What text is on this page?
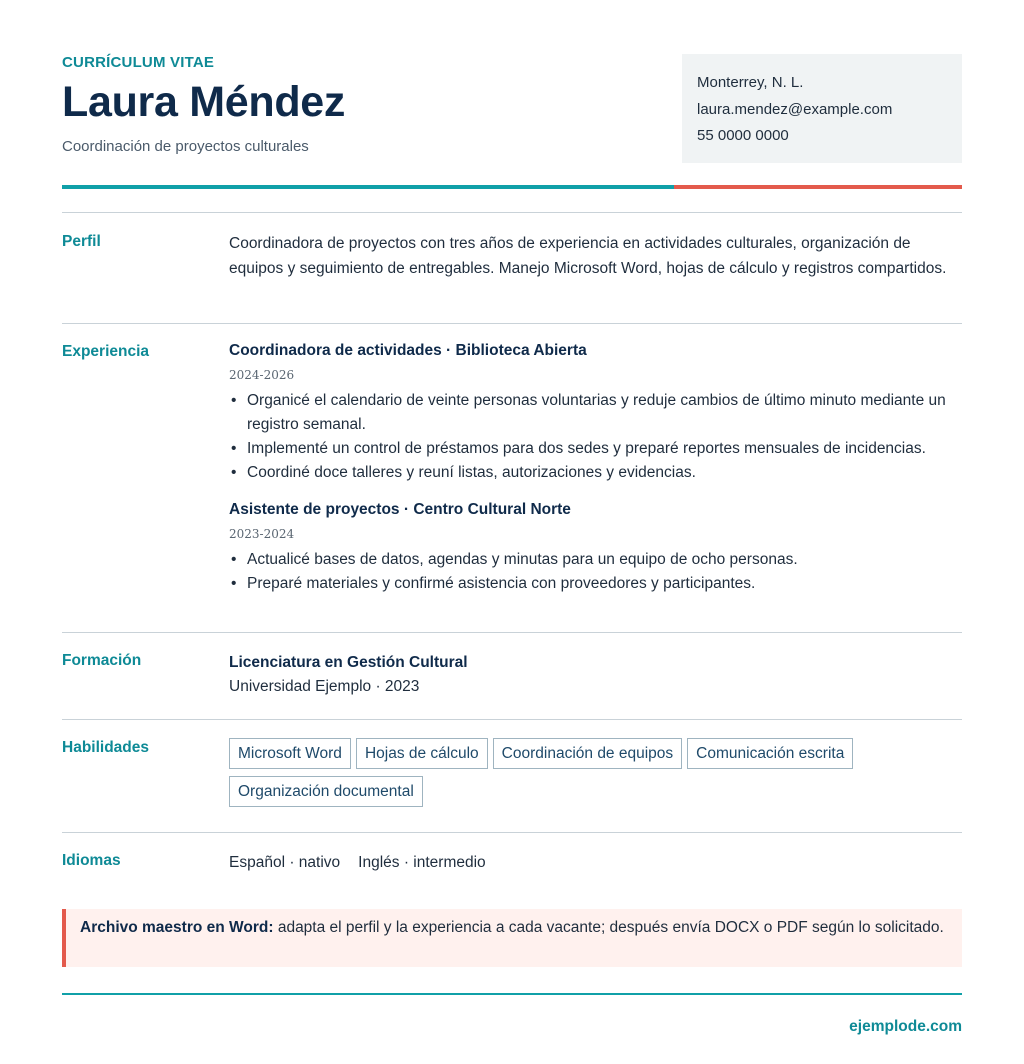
CURRÍCULUM VITAE
Laura Méndez
Coordinación de proyectos culturales
Monterrey, N. L.
laura.mendez@example.com
55 0000 0000
Perfil	Coordinadora de proyectos con tres años de experiencia en actividades culturales, organización de equipos y seguimiento de entregables. Manejo Microsoft Word, hojas de cálculo y registros compartidos.

Experiencia	Coordinadora de actividades · Biblioteca Abierta
2024-2026
• Organicé el calendario de veinte personas voluntarias y reduje cambios de último minuto mediante un registro semanal.
• Implementé un control de préstamos para dos sedes y preparé reportes mensuales de incidencias.
• Coordiné doce talleres y reuní listas, autorizaciones y evidencias.
Asistente de proyectos · Centro Cultural Norte
2023-2024
• Actualicé bases de datos, agendas y minutas para un equipo de ocho personas.
• Preparé materiales y confirmé asistencia con proveedores y participantes.
Formación	Licenciatura en Gestión Cultural
Universidad Ejemplo · 2023
Habilidades	Microsoft Word	Hojas de cálculo	Coordinación de equipos	Comunicación escrita
Organización documental
Idiomas	Español · nativo Inglés · intermedio
Archivo maestro en Word: adapta el perfil y la experiencia a cada vacante; después envía DOCX o PDF según lo solicitado.
ejemplode.com
